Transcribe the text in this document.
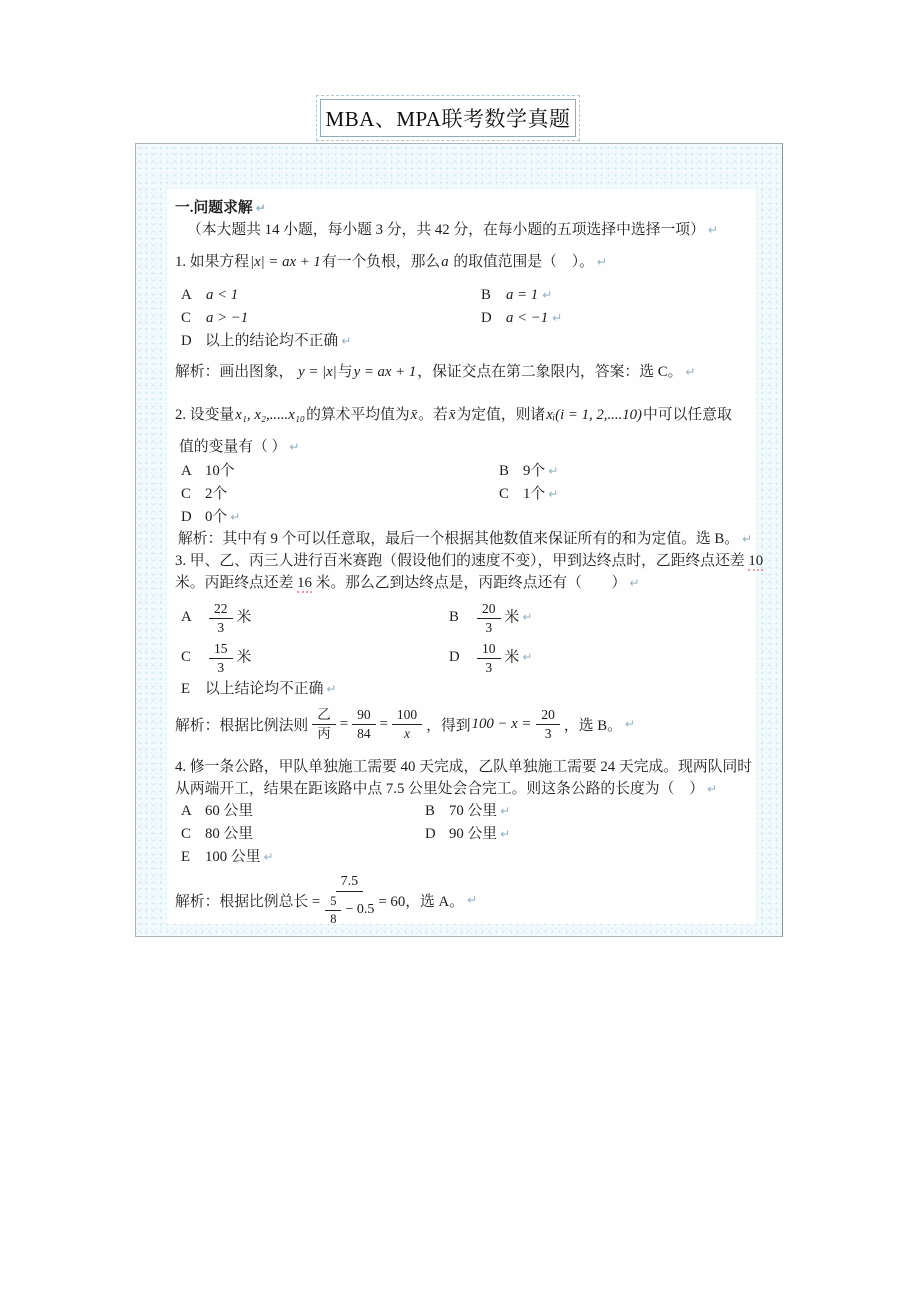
MBA、MPA联考数学真题

一.问题求解 ↵

（本大题共 14 小题，每小题 3 分，共 42 分，在每小题的五项选择中选择一项） ↵

1. 如果方程|x| = ax + 1有一个负根，那么a 的取值范围是（　）。 ↵

A a < 1	B a = 1 ↵
C a > −1	D a < −1 ↵

D 以上的结论均不正确 ↵

解析：画出图象， y = |x|与y = ax + 1，保证交点在第二象限内，答案：选 C。 ↵

2. 设变量x₁, x₂,.....x₁₀的算术平均值为x̄。若x̄为定值，则诸xᵢ(i = 1, 2,....10)中可以任意取

值的变量有（ ） ↵

A 10个	B 9个 ↵
C 2个	C 1个 ↵

D 0个 ↵

解析：其中有 9 个可以任意取，最后一个根据其他数值来保证所有的和为定值。选 B。 ↵

3. 甲、乙、丙三人进行百米赛跑（假设他们的速度不变），甲到达终点时，乙距终点还差 10

米。丙距终点还差 16 米。那么乙到达终点是，丙距终点还有（　　） ↵

A $\frac{22}{3}$ 米	B $\frac{20}{3}$ 米 ↵
C $\frac{15}{3}$ 米	D $\frac{10}{3}$ 米 ↵

E 以上结论均不正确 ↵

解析： 根据比例法则 $\frac{\text{乙}}{\text{丙}} = \frac{90}{84} = \frac{100}{x}$ ，得到 $100 - x = \frac{20}{3}$ ，选 B。 ↵

4. 修一条公路，甲队单独施工需要 40 天完成，乙队单独施工需要 24 天完成。现两队同时

从两端开工，结果在距该路中点 7.5 公里处会合完工。则这条公路的长度为（　） ↵

A 60 公里	B 70 公里 ↵
C 80 公里	D 90 公里 ↵

E 100 公里 ↵

解析： 根据比例总长 = $\frac{7.5}{\frac{5}{8} - 0.5} = 60$，选 A。 ↵
